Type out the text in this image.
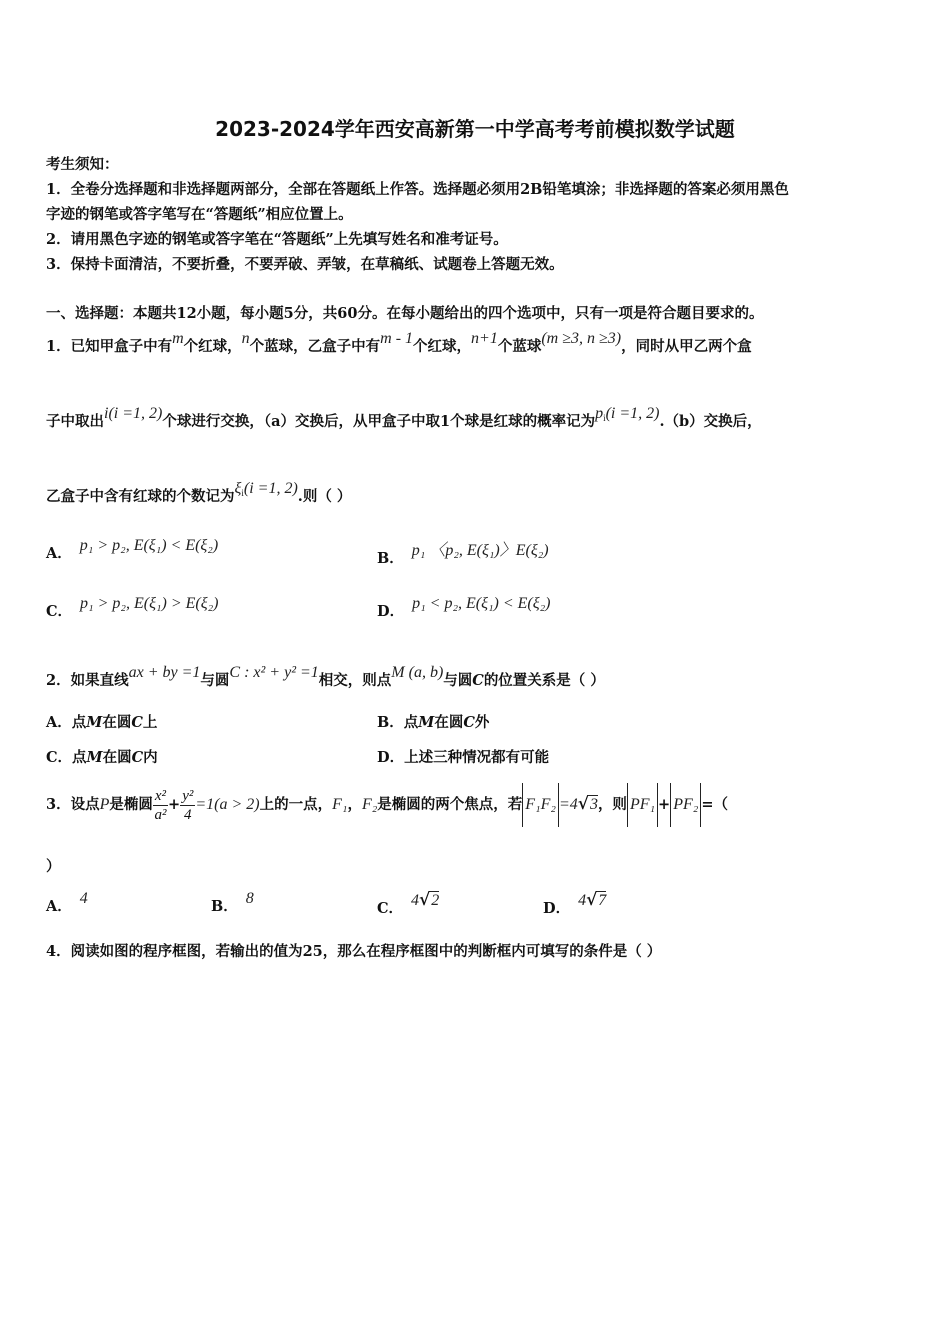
2023-2024学年西安高新第一中学高考考前模拟数学试题
考生须知：
1．全卷分选择题和非选择题两部分，全部在答题纸上作答。选择题必须用2B铅笔填涂；非选择题的答案必须用黑色
字迹的钢笔或答字笔写在“答题纸”相应位置上。
2．请用黑色字迹的钢笔或答字笔在“答题纸”上先填写姓名和准考证号。
3．保持卡面清洁，不要折叠，不要弄破、弄皱，在草稿纸、试题卷上答题无效。
一、选择题：本题共12小题，每小题5分，共60分。在每小题给出的四个选项中，只有一项是符合题目要求的。
1．已知甲盒子中有m个红球，n个蓝球，乙盒子中有m - 1个红球，n+1个蓝球(m ≥3, n ≥3)，同时从甲乙两个盒
子中取出i(i =1, 2)个球进行交换，（a）交换后，从甲盒子中取1个球是红球的概率记为$p_i(i =1$, 2).（b）交换后，
乙盒子中含有红球的个数记为$\xi_i(i =1$, 2).则（ ）
A． p₁ > p₂, E(ξ₁) < E(ξ₂)
B． p₁ 〈p₂, E(ξ₁)〉E(ξ₂)
C． p₁ > p₂, E(ξ₁) > E(ξ₂)	D． p₁ < p₂, E(ξ₁) < E(ξ₂)
2．如果直线ax + by =1与圆C : x² + y² =1相交，则点M (a, b)与圆C的位置关系是（ ）
A．点M在圆C上	B．点M在圆C外
C．点M在圆C内	D．上述三种情况都有可能
3．设点P是椭圆 $\frac{\text{x²}}{\text{a²}} + \frac{\text{y²}}{4} =1(a > 2)$上的一点，F₁，F₂是椭圆的两个焦点，若 F₁F₂ =4√3，则 PF₁ + PF₂ =（
）
A． 4	B． 8
C． 4√2	D． 4√7
4．阅读如图的程序框图，若输出的值为25，那么在程序框图中的判断框内可填写的条件是（ ）
